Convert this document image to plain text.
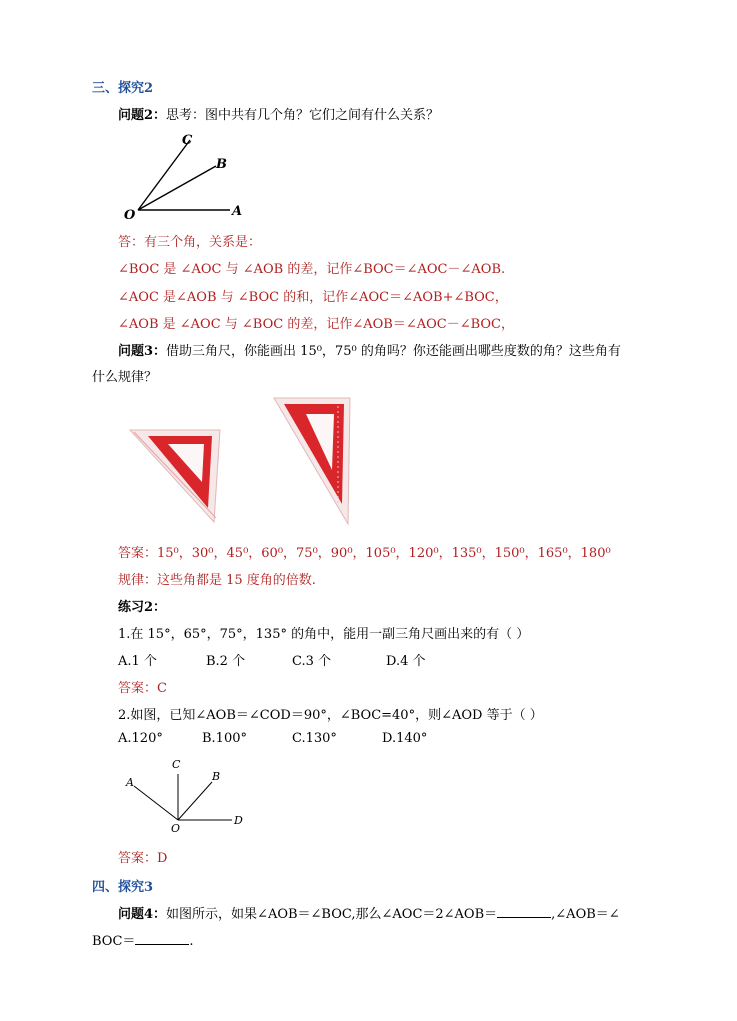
三、探究2
问题2：思考：图中共有几个角？它们之间有什么关系？
C
B
O	A
答：有三个角，关系是：
∠BOC 是 ∠AOC 与 ∠AOB 的差，记作∠BOC＝∠AOC－∠AOB.
∠AOC 是∠AOB 与 ∠BOC 的和，记作∠AOC＝∠AOB+∠BOC，
∠AOB 是 ∠AOC 与 ∠BOC 的差，记作∠AOB＝∠AOC－∠BOC，
问题3：借助三角尺，你能画出 15⁰，75⁰ 的角吗？你还能画出哪些度数的角？这些角有
什么规律？
答案：15⁰，30⁰，45⁰，60⁰，75⁰，90⁰，105⁰，120⁰，135⁰，150⁰，165⁰，180⁰
规律：这些角都是 15 度角的倍数.
练习2：
1.在 15°，65°，75°，135° 的角中，能用一副三角尺画出来的有（ ）
A.1 个	B.2 个	C.3 个	D.4 个
答案：C
2.如图，已知∠AOB＝∠COD＝90°，∠BOC=40°，则∠AOD 等于（ ）
A.120°	B.100°	C.130°	D.140°
C
B
A
O
D
答案：D
四、探究3
问题4：如图所示，如果∠AOB＝∠BOC,那么∠AOC＝2∠AOB＝	,∠AOB＝∠
BOC＝	.
